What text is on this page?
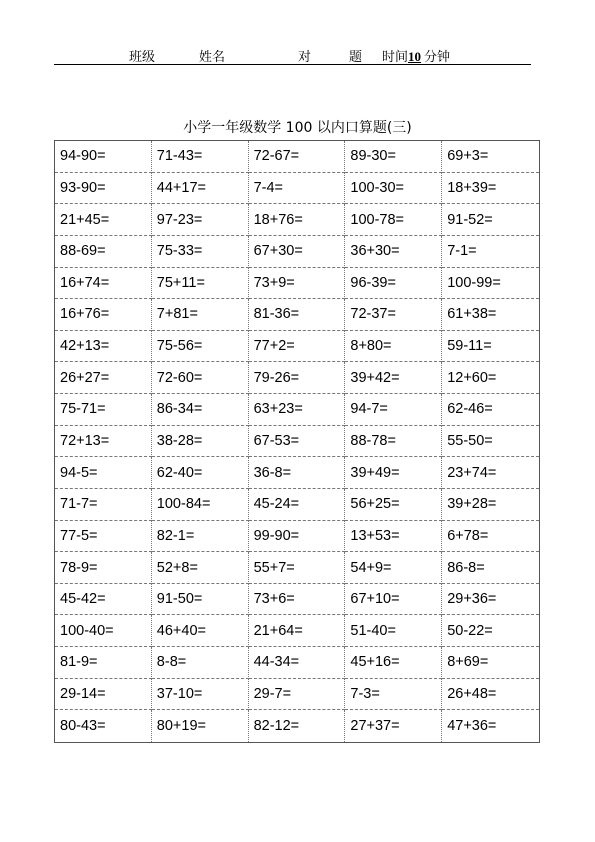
班级	姓名	对	题 时间10 分钟
小学一年级数学 100 以内口算题(三)
94-90=	71-43=	72-67=	89-30=	69+3=
93-90=	44+17=	7-4=	100-30=	18+39=
21+45=	97-23=	18+76=	100-78=	91-52=
88-69=	75-33=	67+30=	36+30=	7-1=
16+74=	75+11=	73+9=	96-39=	100-99=
16+76=	7+81=	81-36=	72-37=	61+38=
42+13=	75-56=	77+2=	8+80=	59-11=
26+27=	72-60=	79-26=	39+42=	12+60=
75-71=	86-34=	63+23=	94-7=	62-46=
72+13=	38-28=	67-53=	88-78=	55-50=
94-5=	62-40=	36-8=	39+49=	23+74=
71-7=	100-84=	45-24=	56+25=	39+28=
77-5=	82-1=	99-90=	13+53=	6+78=
78-9=	52+8=	55+7=	54+9=	86-8=
45-42=	91-50=	73+6=	67+10=	29+36=
100-40=	46+40=	21+64=	51-40=	50-22=
81-9=	8-8=	44-34=	45+16=	8+69=
29-14=	37-10=	29-7=	7-3=	26+48=
80-43=	80+19=	82-12=	27+37=	47+36=
